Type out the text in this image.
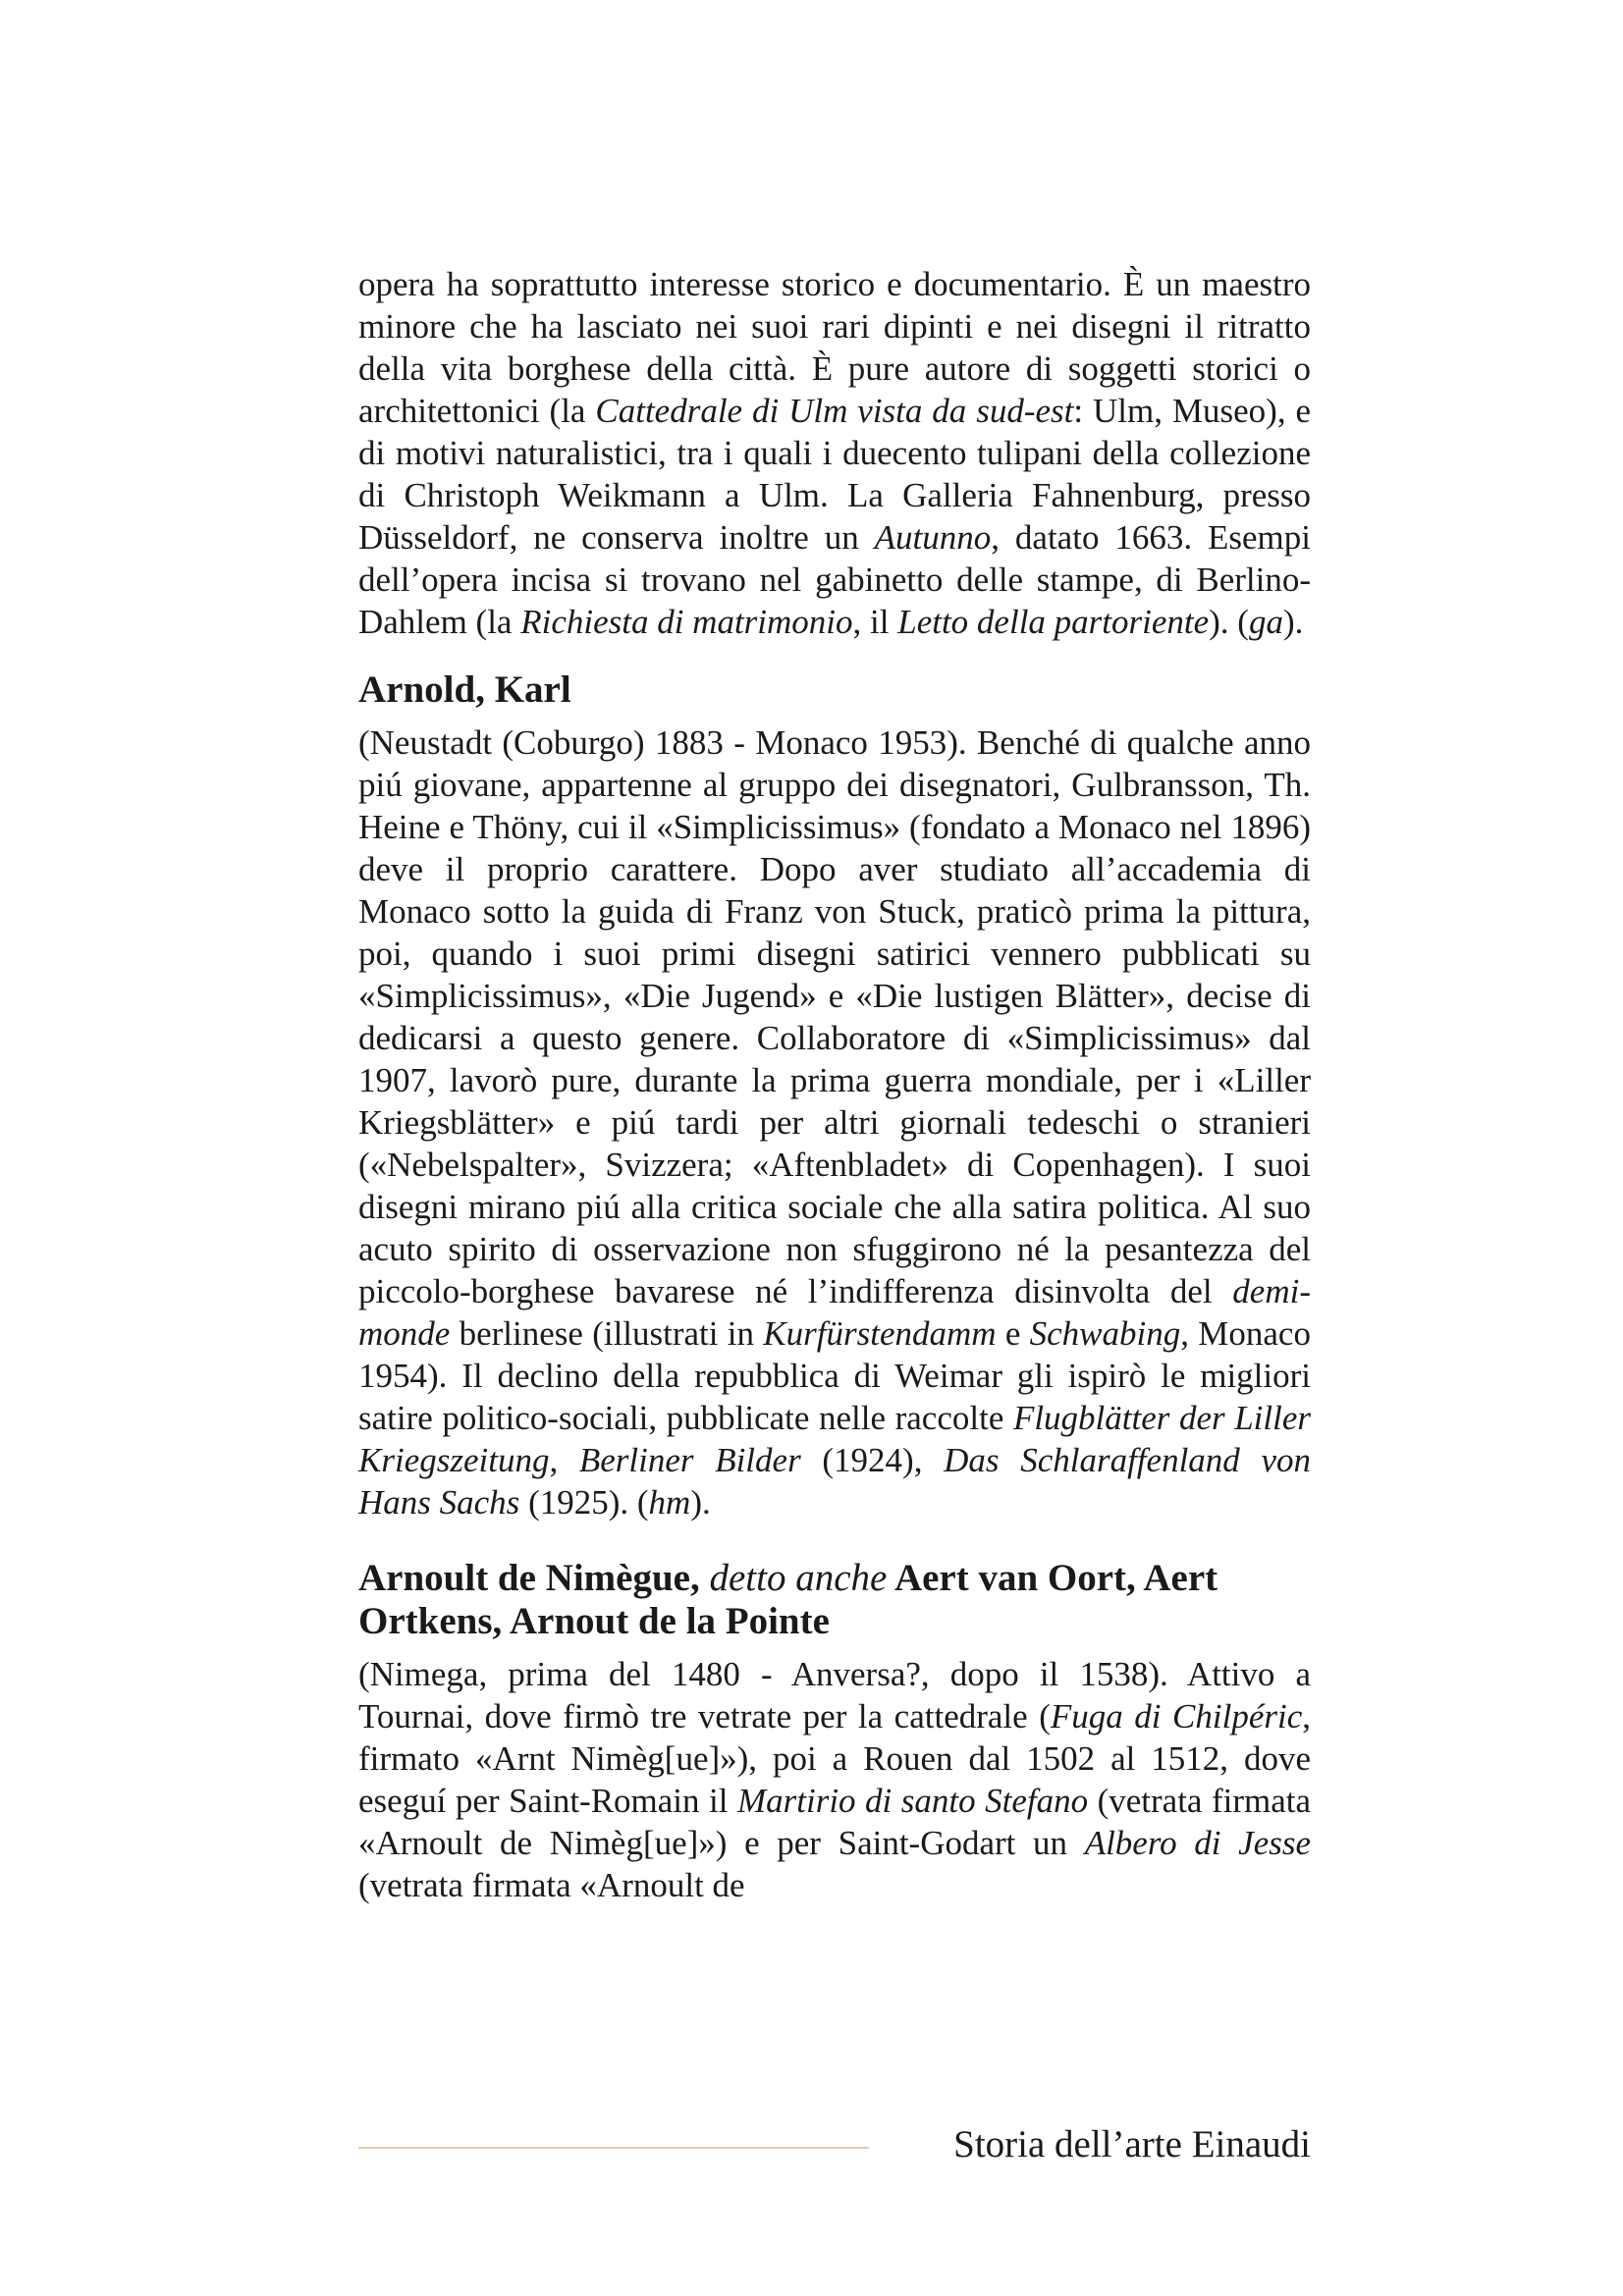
opera ha soprattutto interesse storico e documentario. È un maestro minore che ha lasciato nei suoi rari dipinti e nei disegni il ritratto della vita borghese della città. È pure autore di soggetti storici o architettonici (la Cattedrale di Ulm vista da sud-est: Ulm, Museo), e di motivi naturalistici, tra i quali i duecento tulipani della collezione di Christoph Weikmann a Ulm. La Galleria Fahnenburg, presso Düsseldorf, ne conserva inoltre un Autunno, datato 1663. Esempi dell’opera incisa si trovano nel gabinetto delle stampe, di Berlino-Dahlem (la Richiesta di matrimonio, il Letto della partoriente). (ga).

Arnold, Karl

(Neustadt (Coburgo) 1883 - Monaco 1953). Benché di qualche anno piú giovane, appartenne al gruppo dei disegnatori, Gulbransson, Th. Heine e Thöny, cui il «Simplicissimus» (fondato a Monaco nel 1896) deve il proprio carattere. Dopo aver studiato all’accademia di Monaco sotto la guida di Franz von Stuck, praticò prima la pittura, poi, quando i suoi primi disegni satirici vennero pubblicati su «Simplicissimus», «Die Jugend» e «Die lustigen Blätter», decise di dedicarsi a questo genere. Collaboratore di «Simplicissimus» dal 1907, lavorò pure, durante la prima guerra mondiale, per i «Liller Kriegsblätter» e piú tardi per altri giornali tedeschi o stranieri («Nebelspalter», Svizzera; «Aftenbladet» di Copenhagen). I suoi disegni mirano piú alla critica sociale che alla satira politica. Al suo acuto spirito di osservazione non sfuggirono né la pesantezza del piccolo-borghese bavarese né l’indifferenza disinvolta del demi-monde berlinese (illustrati in Kurfürstendamm e Schwabing, Monaco 1954). Il declino della repubblica di Weimar gli ispirò le migliori satire politico-sociali, pubblicate nelle raccolte Flugblätter der Liller Kriegszeitung, Berliner Bilder (1924), Das Schlaraffenland von Hans Sachs (1925). (hm).

Arnoult de Nimègue, detto anche Aert van Oort, Aert Ortkens, Arnout de la Pointe

(Nimega, prima del 1480 - Anversa?, dopo il 1538). Attivo a Tournai, dove firmò tre vetrate per la cattedrale (Fuga di Chilpéric, firmato «Arnt Nimèg[ue]»), poi a Rouen dal 1502 al 1512, dove eseguí per Saint-Romain il Martirio di santo Stefano (vetrata firmata «Arnoult de Nimèg[ue]») e per Saint-Godart un Albero di Jesse (vetrata firmata «Arnoult de

Storia dell’arte Einaudi
